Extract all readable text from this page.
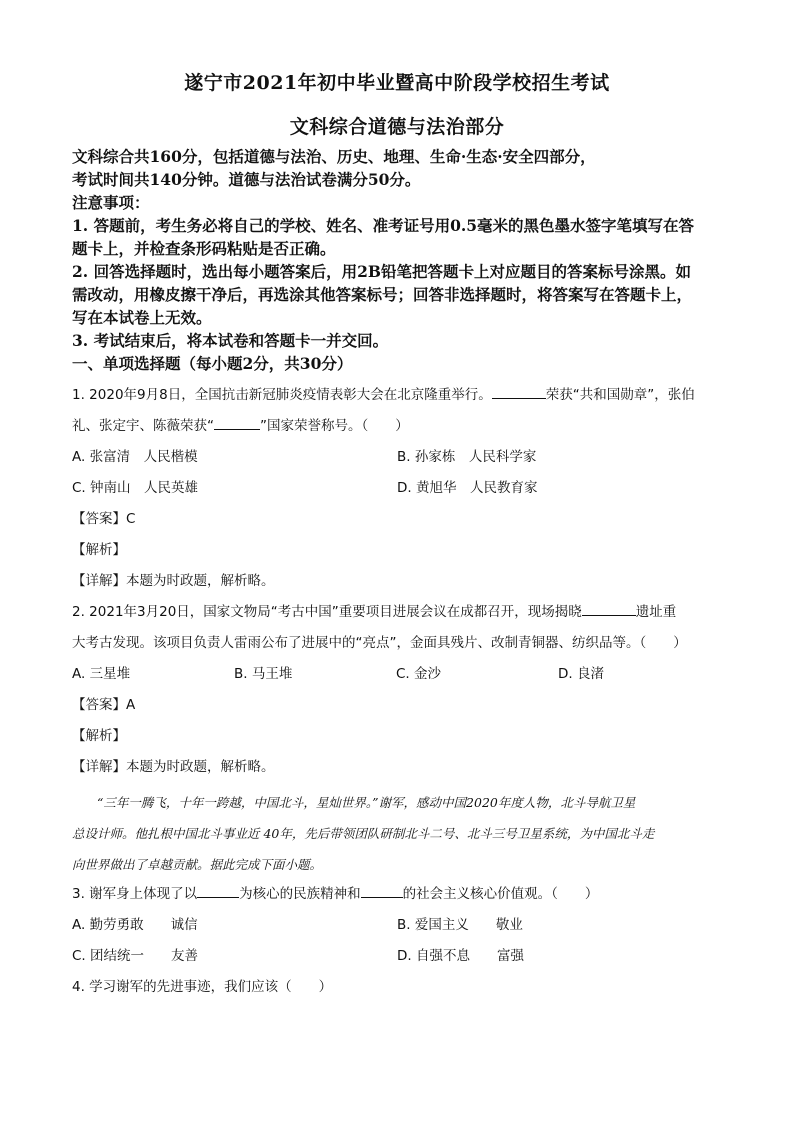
遂宁市2021年初中毕业暨高中阶段学校招生考试
文科综合道德与法治部分

文科综合共160分，包括道德与法治、历史、地理、生命·生态·安全四部分，

考试时间共140分钟。道德与法治试卷满分50分。

注意事项：

1. 答题前，考生务必将自己的学校、姓名、准考证号用0.5毫米的黑色墨水签字笔填写在答

题卡上，并检查条形码粘贴是否正确。

2. 回答选择题时，选出每小题答案后，用2B铅笔把答题卡上对应题目的答案标号涂黑。如

需改动，用橡皮擦干净后，再选涂其他答案标号；回答非选择题时，将答案写在答题卡上，

写在本试卷上无效。

3. 考试结束后，将本试卷和答题卡一并交回。

一、单项选择题（每小题2分，共30分）

1. 2020年9月8日，全国抗击新冠肺炎疫情表彰大会在北京隆重举行。	荣获“共和国勋章”，张伯

礼、张定宇、陈薇荣获“	”国家荣誉称号。（　　）

A. 张富清　人民楷模	B. 孙家栋　人民科学家
C. 钟南山　人民英雄	D. 黄旭华　人民教育家

【答案】C

【解析】

【详解】本题为时政题，解析略。

2. 2021年3月20日，国家文物局“考古中国”重要项目进展会议在成都召开，现场揭晓	遗址重

大考古发现。该项目负责人雷雨公布了进展中的“亮点”，金面具残片、改制青铜器、纺织品等。（　　）

A. 三星堆	B. 马王堆	C. 金沙	D. 良渚

【答案】A

【解析】

【详解】本题为时政题，解析略。

“三年一腾飞，十年一跨越，中国北斗，星灿世界。”谢军，感动中国2020年度人物，北斗导航卫星

总设计师。他扎根中国北斗事业近 40年，先后带领团队研制北斗二号、北斗三号卫星系统，为中国北斗走

向世界做出了卓越贡献。据此完成下面小题。

3. 谢军身上体现了以	为核心的民族精神和	的社会主义核心价值观。（　　）

A. 勤劳勇敢　　诚信	B. 爱国主义　　敬业
C. 团结统一　　友善	D. 自强不息　　富强

4. 学习谢军的先进事迹，我们应该（　　）
